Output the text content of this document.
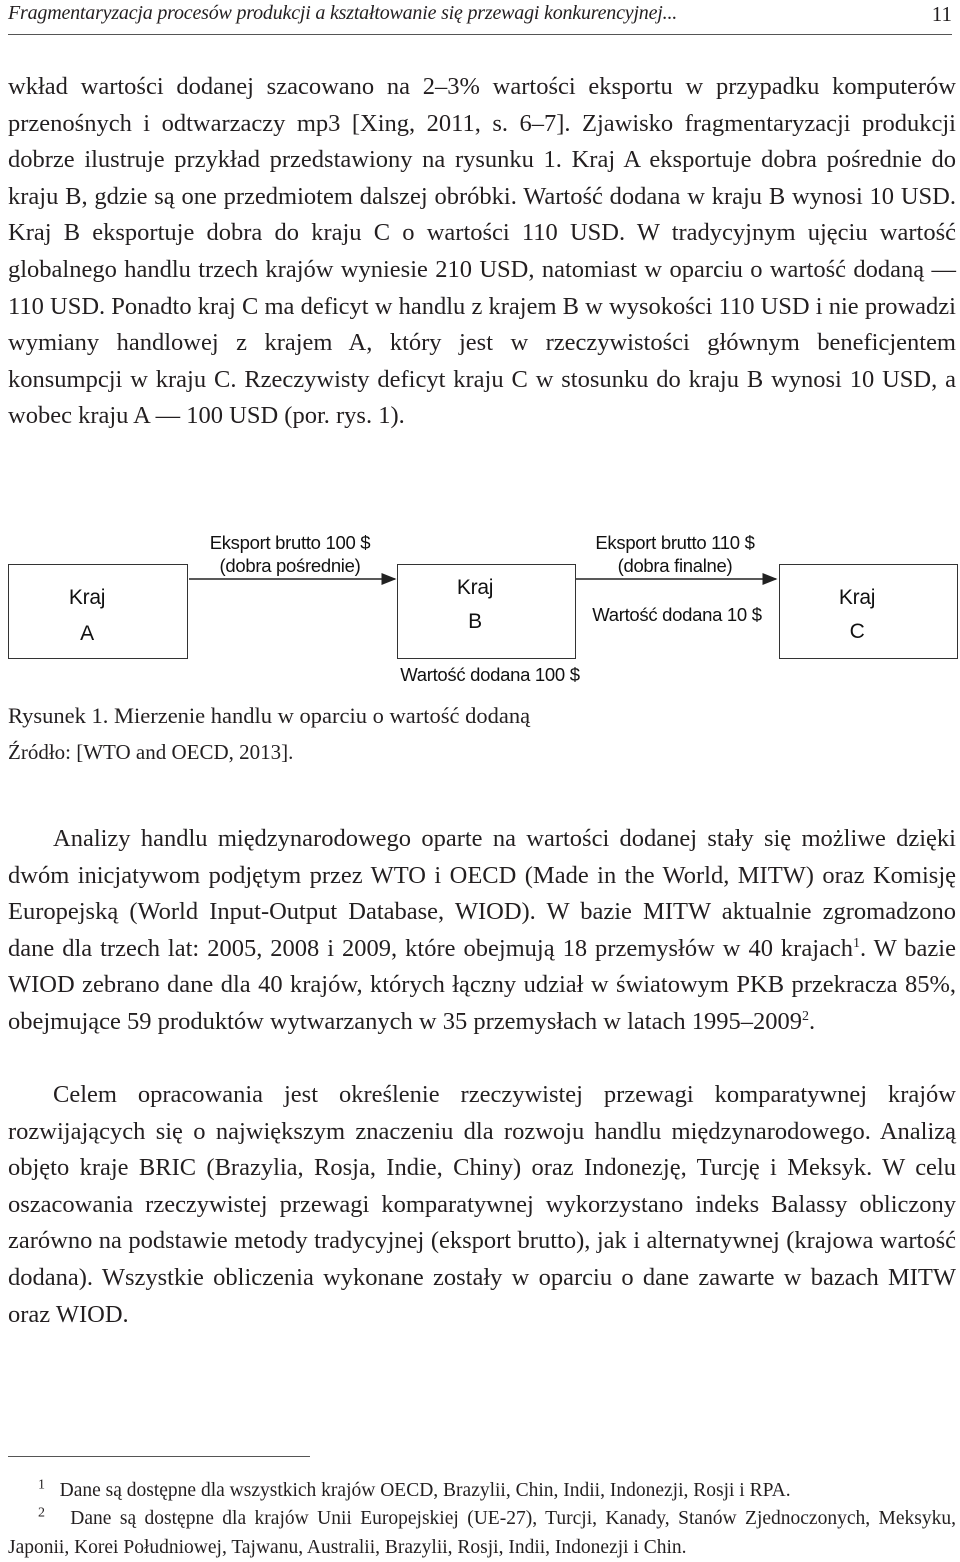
Fragmentaryzacja procesów produkcji a kształtowanie się przewagi konkurencyjnej...	11

wkład wartości dodanej szacowano na 2–3% wartości eksportu w przypadku komputerów przenośnych i odtwarzaczy mp3 [Xing, 2011, s. 6–7]. Zjawisko fragmentaryzacji produkcji dobrze ilustruje przykład przedstawiony na rysunku 1. Kraj A eksportuje dobra pośrednie do kraju B, gdzie są one przedmiotem dalszej obróbki. Wartość dodana w kraju B wynosi 10 USD. Kraj B eksportuje dobra do kraju C o wartości 110 USD. W tradycyjnym ujęciu wartość globalnego handlu trzech krajów wyniesie 210 USD, natomiast w oparciu o wartość dodaną — 110 USD. Ponadto kraj C ma deficyt w handlu z krajem B w wysokości 110 USD i nie prowadzi wymiany handlowej z krajem A, który jest w rzeczywistości głównym beneficjentem konsumpcji w kraju C. Rzeczywisty deficyt kraju C w stosunku do kraju B wynosi 10 USD, a wobec kraju A — 100 USD (por. rys. 1).

Kraj
A
Kraj
B
Kraj
C
Eksport brutto 100 $
(dobra pośrednie)
Eksport brutto 110 $
(dobra finalne)
Wartość dodana 10 $
Wartość dodana 100 $
Rysunek 1. Mierzenie handlu w oparciu o wartość dodaną
Źródło: [WTO and OECD, 2013].

Analizy handlu międzynarodowego oparte na wartości dodanej stały się możliwe dzięki dwóm inicjatywom podjętym przez WTO i OECD (Made in the World, MITW) oraz Komisję Europejską (World Input-Output Database, WIOD). W bazie MITW aktualnie zgromadzono dane dla trzech lat: 2005, 2008 i 2009, które obejmują 18 przemysłów w 40 krajach$^1$. W bazie WIOD zebrano dane dla 40 krajów, których łączny udział w światowym PKB przekracza 85%, obejmujące 59 produktów wytwarzanych w 35 przemysłach w latach 1995–2009$^2$.

Celem opracowania jest określenie rzeczywistej przewagi komparatywnej krajów rozwijających się o największym znaczeniu dla rozwoju handlu międzynarodowego. Analizą objęto kraje BRIC (Brazylia, Rosja, Indie, Chiny) oraz Indonezję, Turcję i Meksyk. W celu oszacowania rzeczywistej przewagi komparatywnej wykorzystano indeks Balassy obliczony zarówno na podstawie metody tradycyjnej (eksport brutto), jak i alternatywnej (krajowa wartość dodana). Wszystkie obliczenia wykonane zostały w oparciu o dane zawarte w bazach MITW oraz WIOD.

$^1$ Dane są dostępne dla wszystkich krajów OECD, Brazylii, Chin, Indii, Indonezji, Rosji i RPA.
$^2$ Dane są dostępne dla krajów Unii Europejskiej (UE-27), Turcji, Kanady, Stanów Zjednoczonych, Meksyku, Japonii, Korei Południowej, Tajwanu, Australii, Brazylii, Rosji, Indii, Indonezji i Chin.
